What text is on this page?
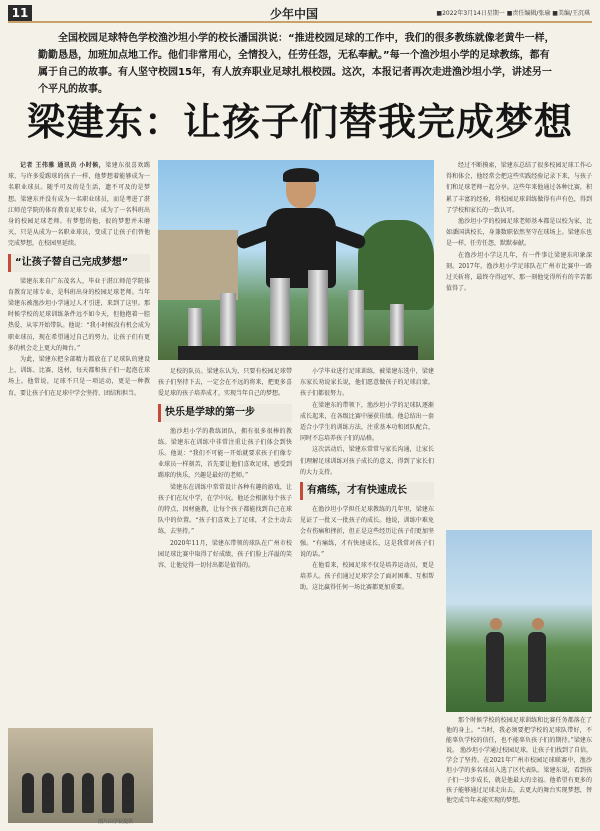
11	少年中国	■2022年3月14日星期一 ■责任编辑/张瑜 ■美编/王沉琪

全国校园足球特色学校渔沙坦小学的校长潘国洪说：“推进校园足球的工作中，我们的很多教练就像老黄牛一样，勤勤恳恳，加班加点地工作。他们非常用心，全情投入，任劳任怨，无私奉献。”每一个渔沙坦小学的足球教练，都有属于自己的故事。有人坚守校园15年，有人放弃职业足球扎根校园。这次，本报记者再次走进渔沙坦小学，讲述另一个平凡的故事。

梁建东：让孩子们替我完成梦想

记者 王伟雅 通讯员 小时候，梁建东很喜欢踢球，与许多爱踢球的孩子一样，他梦想着能够成为一名职业球员。随乎可及的是生活，遗不可及的是梦想。梁建东并没有成为一名职业球员，而是考进了湛江师范学院的体育教育足球专业，成为了一名科班出身的校园足球老师。有梦想的他，很的梦想并未磨灭，只是从成为一名职业球员，变成了让孩子们替他完成梦想，在校园里延续。

“让孩子替自己完成梦想”

梁建东来自广东茂名人，毕业于湛江师范学院体育教育足球专业，是科班出身的校园足球老师。当年梁建东被渔沙坦小学通过人才引进，来到了这里。那时候学校的足球训练条件远不如今天，但他抱着一腔热爱，从零开始带队。他说：“我小时候没有机会成为职业球员，现在希望通过自己的努力，让孩子们有更多的机会走上更大的舞台。”

为此，梁建东把全部精力都放在了足球队的建设上，训练、比赛、选材，每天都和孩子们一起泡在球场上。他常说，足球不只是一项运动，更是一种教育，要让孩子们在足球中学会坚持、团结和担当。

足校的队员。梁建东认为，只要有校园足球带孩子们坚持下去，一定会在不远的将来，把更多喜爱足球的孩子培养成才，实现当年自己的梦想。

快乐是学球的第一步

渔沙坦小学的教练团队，拥有很多很棒的教练。梁建东在训练中非常注重让孩子们体会到快乐。他说：“我们不可能一开始就要求孩子们像专业球员一样刻苦，首先要让他们喜欢足球，感受到踢球的快乐，兴趣是最好的老师。”

梁建东在训练中常常设计各种有趣的游戏，让孩子们在玩中学，在学中玩。他还会根据每个孩子的特点，因材施教，让每个孩子都能找到自己在球队中的位置。“孩子们喜欢上了足球，才会主动去练，去坚持。”

2020年11月，梁建东带领的球队在广州市校园足球比赛中取得了好成绩，孩子们脸上洋溢的笑容，让他觉得一切付出都是值得的。

小学毕业进行足球训练，被梁建东选中，梁建东家长劝说家长说，他们愿意做孩子的足球启蒙，孩子们都很努力。

在梁建东的带领下，渔沙坦小学的足球队逐渐成长起来，在各级比赛中屡获佳绩。他总结出一套适合小学生的训练方法，注重基本功和团队配合，同时不忘培养孩子们的品格。

这次活动后，梁建东常常与家长沟通，让家长们理解足球训练对孩子成长的意义，得到了家长们的大力支持。

有痛练，才有快速成长

在渔沙坦小学担任足球教练的几年里，梁建东见证了一批又一批孩子的成长。他说，训练中难免会有伤痛和挫折，但正是这些经历让孩子们更加坚强。“有痛练，才有快速成长，这是我常对孩子们说的话。”

在他看来，校园足球不仅是培养运动员，更是培养人。孩子们通过足球学会了面对困难、互相帮助，这比赢得任何一场比赛都更加重要。

经过不断摸索，梁建东总结了很多校园足球工作心得和体会，他经常会把这些实践经验记录下来，与孩子们和足球老师一起分享。这些年来他通过各种比赛，积累了丰富的经验，将校园足球训练做得有声有色，得到了学校和家长的一致认可。

渔沙坦小学的校园足球老师基本都是以校为家，比如潘国洪校长，身兼数职依然坚守在球场上。梁建东也是一样，任劳任怨，默默奉献。

在渔沙坦小学这几年，有一件事让梁建东印象深刻。2017年，渔沙坦小学足球队在广州市比赛中一路过关斩将，最终夺得冠军，那一刻他觉得所有的辛苦都值得了。

那个时候学校的校园足球训练和比赛任务都落在了他的身上。“当时，我必须要把学校的足球队带好，不能辜负学校的信任，也不能辜负孩子们的期待。”梁建东说。 渔沙坦小学通过校园足球，让孩子们找到了自信，学会了坚持。在2021年广州市校园足球联赛中，渔沙坦小学的多名球员入选了区代表队。梁建东说，看到孩子们一步步成长，就是他最大的幸福。他希望有更多的孩子能够通过足球走出去，去更大的舞台实现梦想，替他完成当年未能实现的梦想。
图片由学校提供
